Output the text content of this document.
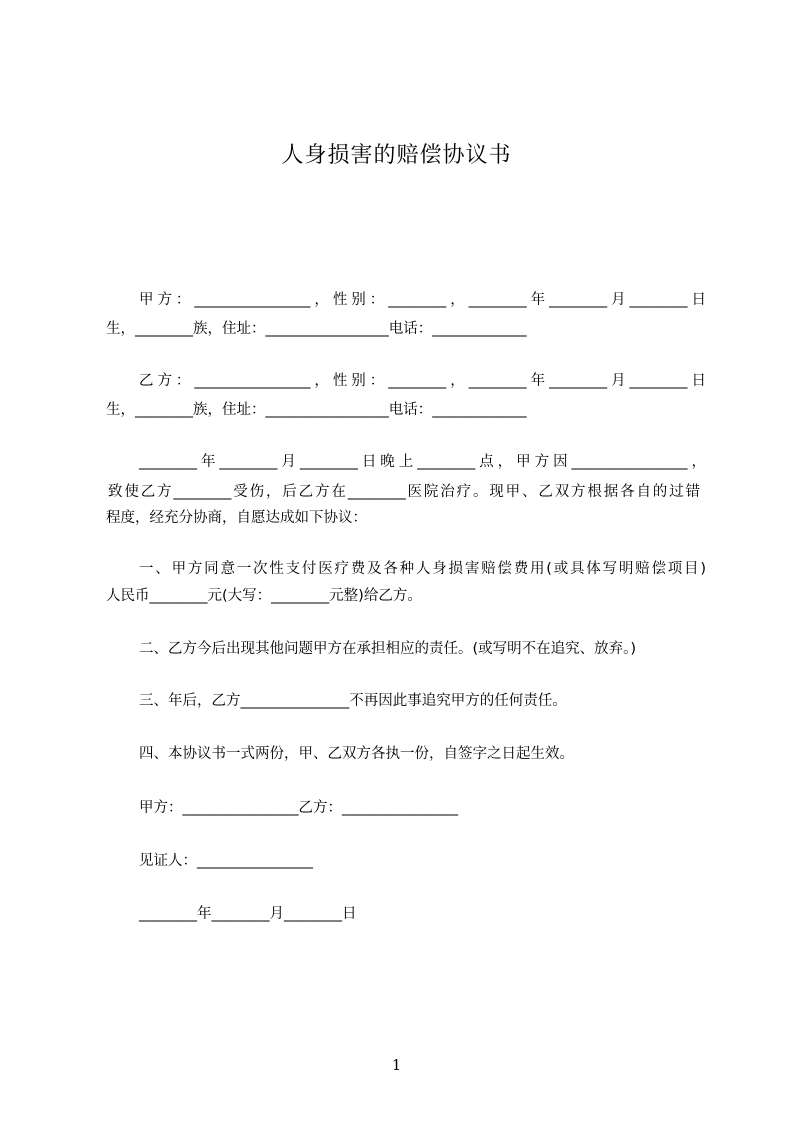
人身损害的赔偿协议书
甲方：________________，性别：________，________年________月________日
生，________族，住址：_________________电话：_____________
乙方：________________，性别：________，________年________月________日
生，________族，住址：_________________电话：_____________
________年________月________日晚上________点，甲方因________________，
致使乙方________受伤，后乙方在________医院治疗。现甲、乙双方根据各自的过错
程度，经充分协商，自愿达成如下协议：
一、甲方同意一次性支付医疗费及各种人身损害赔偿费用(或具体写明赔偿项目)
人民币________元(大写：________元整)给乙方。
二、乙方今后出现其他问题甲方在承担相应的责任。(或写明不在追究、放弃。)
三、年后，乙方_______________不再因此事追究甲方的任何责任。
四、本协议书一式两份，甲、乙双方各执一份，自签字之日起生效。
甲方：________________乙方：________________
见证人：________________
________年________月________日
1
